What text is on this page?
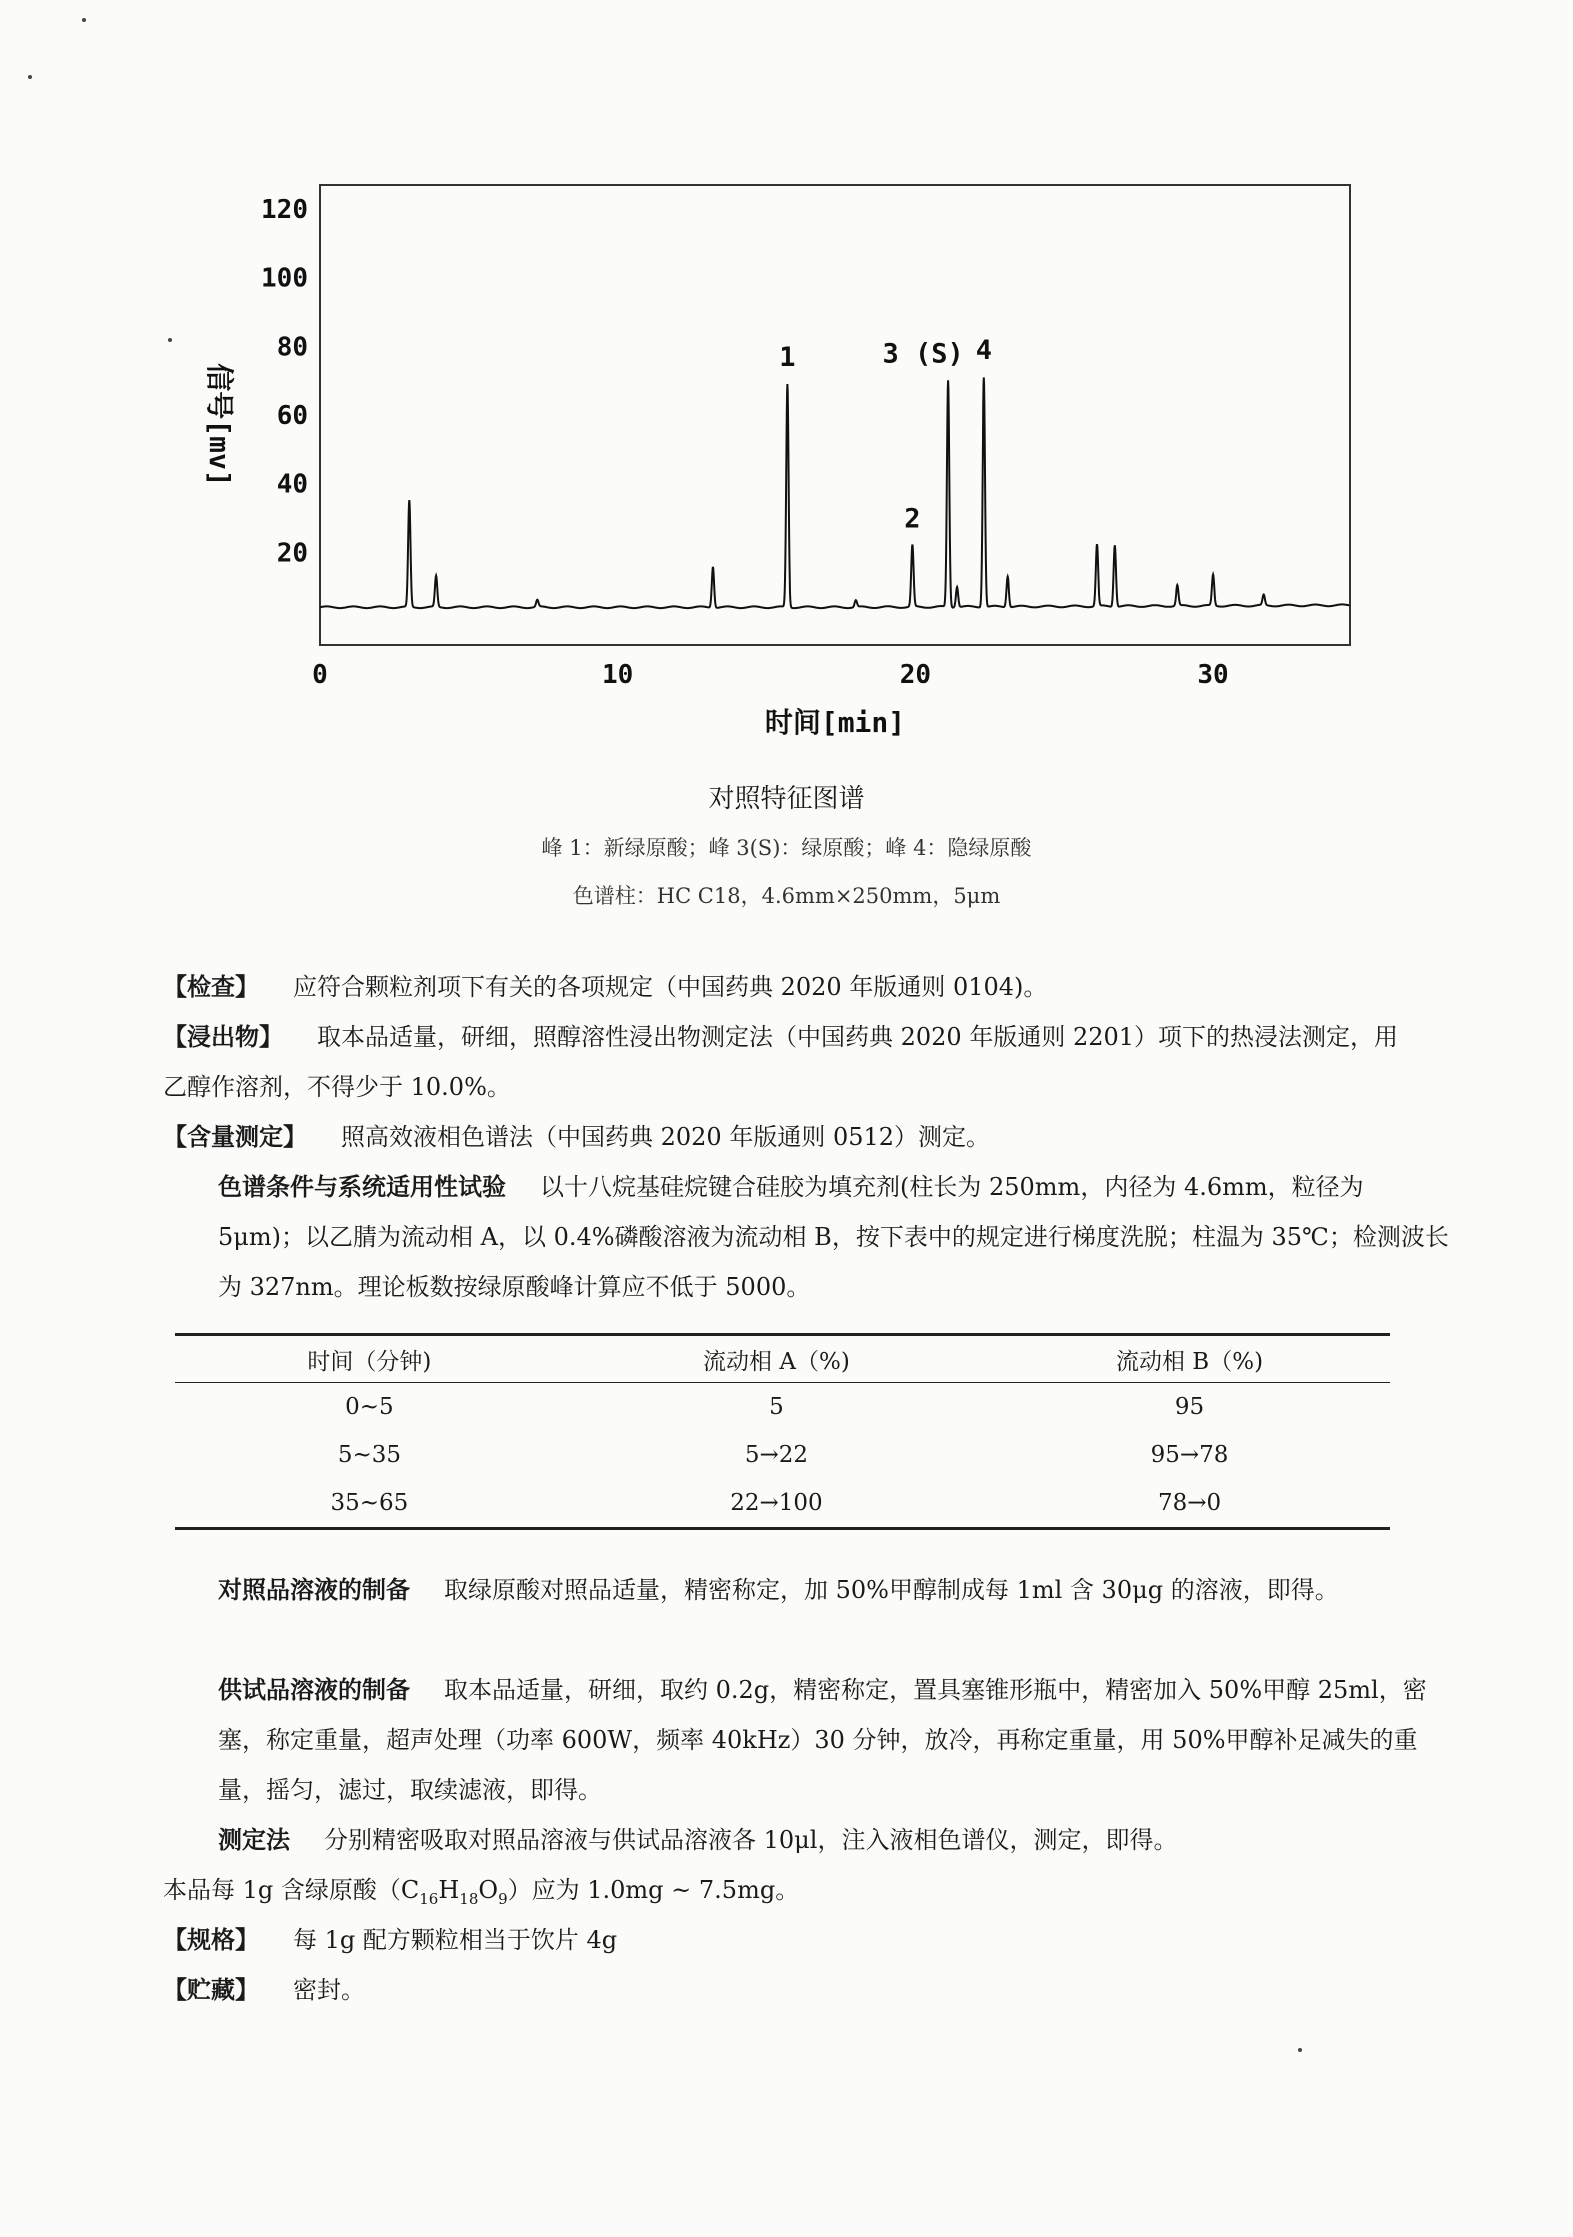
20
40
60
80
100
120
0	10	20	30
1
2
3 (S) 4
信号[mv]
时间[min]
对照特征图谱
峰 1：新绿原酸；峰 3(S)：绿原酸；峰 4：隐绿原酸
色谱柱：HC C18，4.6mm×250mm，5μm

【检查】 应符合颗粒剂项下有关的各项规定（中国药典 2020 年版通则 0104)。

【浸出物】 取本品适量，研细，照醇溶性浸出物测定法（中国药典 2020 年版通则 2201）项下的热浸法测定，用乙醇作溶剂，不得少于 10.0%。

【含量测定】 照高效液相色谱法（中国药典 2020 年版通则 0512）测定。

色谱条件与系统适用性试验 以十八烷基硅烷键合硅胶为填充剂(柱长为 250mm，内径为 4.6mm，粒径为 5μm)；以乙腈为流动相 A，以 0.4%磷酸溶液为流动相 B，按下表中的规定进行梯度洗脱；柱温为 35℃；检测波长为 327nm。理论板数按绿原酸峰计算应不低于 5000。

时间（分钟)	流动相 A（%)	流动相 B（%)
0~5	5	95
5~35	5→22	95→78
35~65	22→100	78→0

对照品溶液的制备 取绿原酸对照品适量，精密称定，加 50%甲醇制成每 1ml 含 30μg 的溶液，即得。

供试品溶液的制备 取本品适量，研细，取约 0.2g，精密称定，置具塞锥形瓶中，精密加入 50%甲醇 25ml，密塞，称定重量，超声处理（功率 600W，频率 40kHz）30 分钟，放冷，再称定重量，用 50%甲醇补足减失的重量，摇匀，滤过，取续滤液，即得。

测定法 分别精密吸取对照品溶液与供试品溶液各 10μl，注入液相色谱仪，测定，即得。

本品每 1g 含绿原酸$(C_{16}H_{18}O_9)$应为 1.0mg ~ 7.5mg。

【规格】 每 1g 配方颗粒相当于饮片 4g

【贮藏】 密封。
